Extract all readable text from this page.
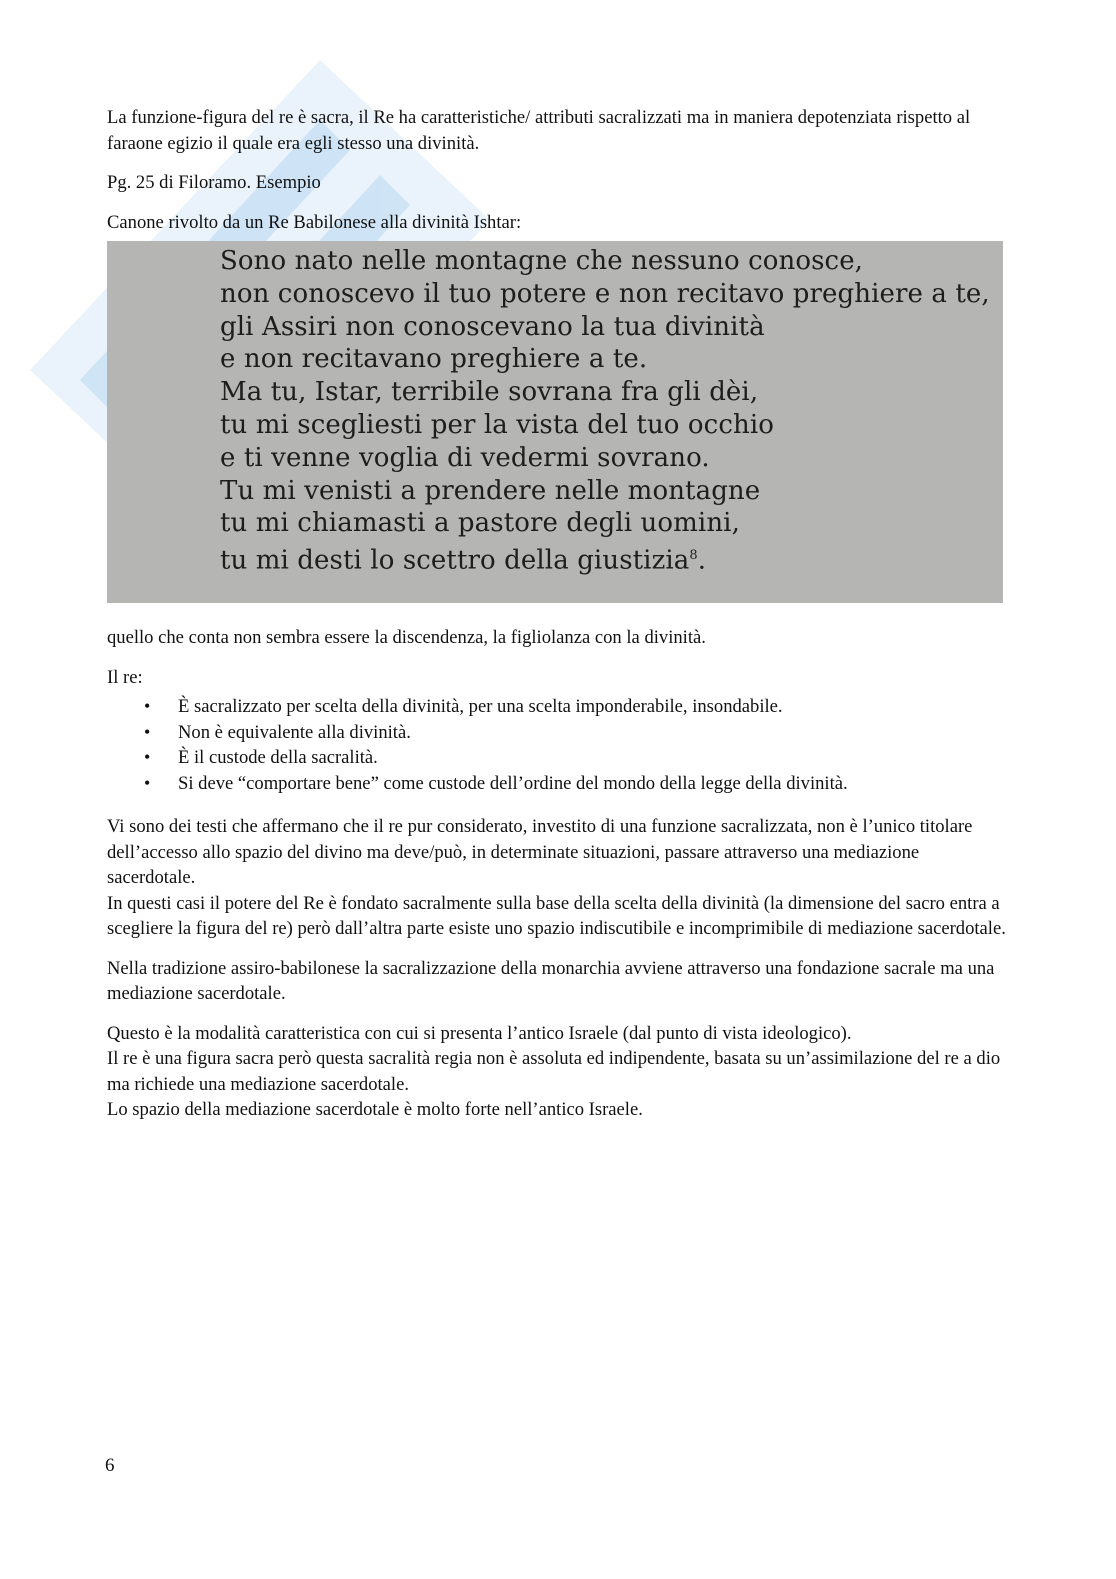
La funzione-figura del re è sacra, il Re ha caratteristiche/ attributi sacralizzati ma in maniera depotenziata rispetto al faraone egizio il quale era egli stesso una divinità.

Pg. 25 di Filoramo. Esempio

Canone rivolto da un Re Babilonese alla divinità Ishtar:

Sono nato nelle montagne che nessuno conosce,
non conoscevo il tuo potere e non recitavo preghiere a te,
gli Assiri non conoscevano la tua divinità
e non recitavano preghiere a te.
Ma tu, Istar, terribile sovrana fra gli dèi,
tu mi scegliesti per la vista del tuo occhio
e ti venne voglia di vedermi sovrano.
Tu mi venisti a prendere nelle montagne
tu mi chiamasti a pastore degli uomini,
tu mi desti lo scettro della giustizia$^8$.

quello che conta non sembra essere la discendenza, la figliolanza con la divinità.

Il re:

• È sacralizzato per scelta della divinità, per una scelta imponderabile, insondabile.
• Non è equivalente alla divinità.
• È il custode della sacralità.
• Si deve “comportare bene” come custode dell’ordine del mondo della legge della divinità.

Vi sono dei testi che affermano che il re pur considerato, investito di una funzione sacralizzata, non è l’unico titolare dell’accesso allo spazio del divino ma deve/può, in determinate situazioni, passare attraverso una mediazione sacerdotale.

In questi casi il potere del Re è fondato sacralmente sulla base della scelta della divinità (la dimensione del sacro entra a scegliere la figura del re) però dall’altra parte esiste uno spazio indiscutibile e incomprimibile di mediazione sacerdotale.

Nella tradizione assiro-babilonese la sacralizzazione della monarchia avviene attraverso una fondazione sacrale ma una mediazione sacerdotale.

Questo è la modalità caratteristica con cui si presenta l’antico Israele (dal punto di vista ideologico).

Il re è una figura sacra però questa sacralità regia non è assoluta ed indipendente, basata su un’assimilazione del re a dio ma richiede una mediazione sacerdotale.

Lo spazio della mediazione sacerdotale è molto forte nell’antico Israele.

6
